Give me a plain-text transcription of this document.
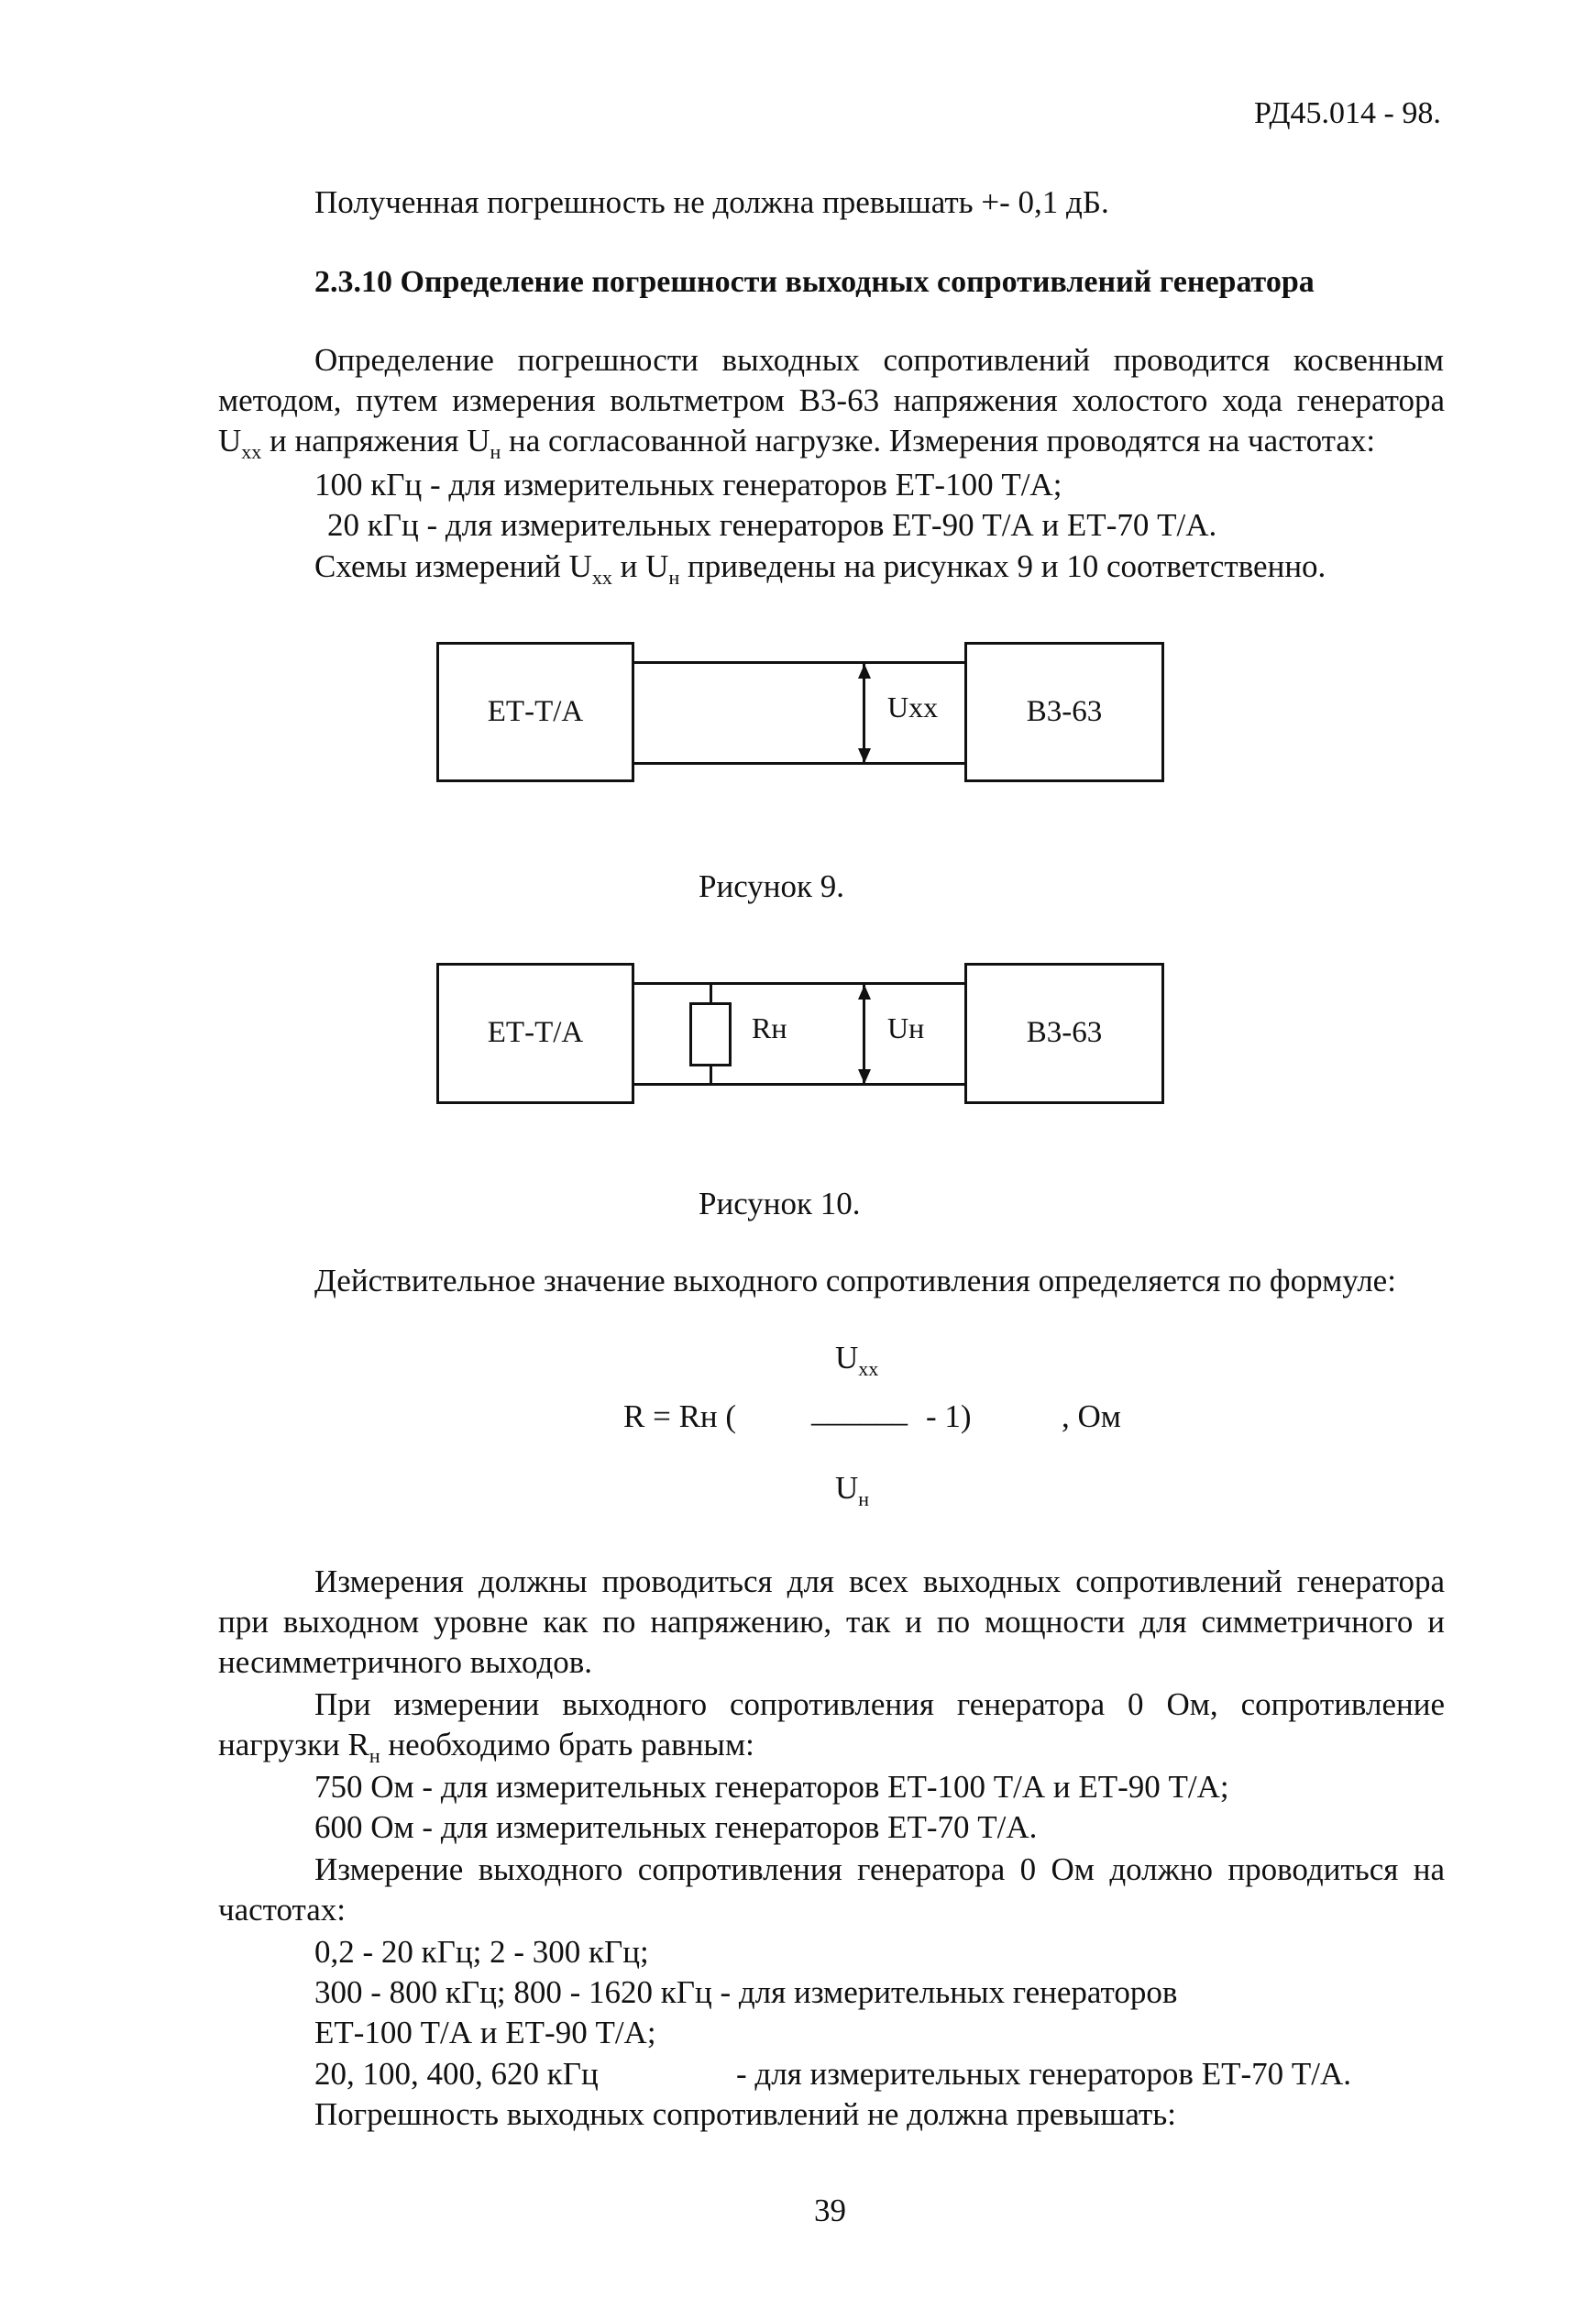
РД45.014 - 98.
Полученная погрешность не должна превышать +- 0,1 дБ.
2.3.10 Определение погрешности выходных сопротивлений генератора
Определение погрешности выходных сопротивлений проводится косвенным
методом, путем измерения вольтметром В3-63 напряжения холостого хода генератора
$U_{хх}$ и напряжения $U_н$ на согласованной нагрузке. Измерения проводятся на частотах:
100 кГц - для измерительных генераторов ЕТ-100 Т/А;
20 кГц - для измерительных генераторов ЕТ-90 Т/А и ЕТ-70 Т/А.
Схемы измерений $U_{хх}$ и $U_н$ приведены на рисунках 9 и 10 соответственно.
ЕТ-Т/А	В3-63
Uхх
Рисунок 9.
ЕТ-Т/А	В3-63
Rн	Uн
Рисунок 10.
Действительное значение выходного сопротивления определяется по формуле:
$U_{хх}$
R = Rн ( ______ - 1)	, Ом
$U_н$
Измерения должны проводиться для всех выходных сопротивлений генератора
при выходном уровне как по напряжению, так и по мощности для симметричного и
несимметричного выходов.
При измерении выходного сопротивления генератора 0 Ом, сопротивление
нагрузки $R_н$ необходимо брать равным:
750 Ом - для измерительных генераторов ЕТ-100 Т/А и ЕТ-90 Т/А;
600 Ом - для измерительных генераторов ЕТ-70 Т/А.
Измерение выходного сопротивления генератора 0 Ом должно проводиться на
частотах:
0,2 - 20 кГц; 2 - 300 кГц;
300 - 800 кГц; 800 - 1620 кГц - для измерительных генераторов
ЕТ-100 Т/А и ЕТ-90 Т/А;
20, 100, 400, 620 кГц	- для измерительных генераторов ЕТ-70 Т/А.
Погрешность выходных сопротивлений не должна превышать:
39
